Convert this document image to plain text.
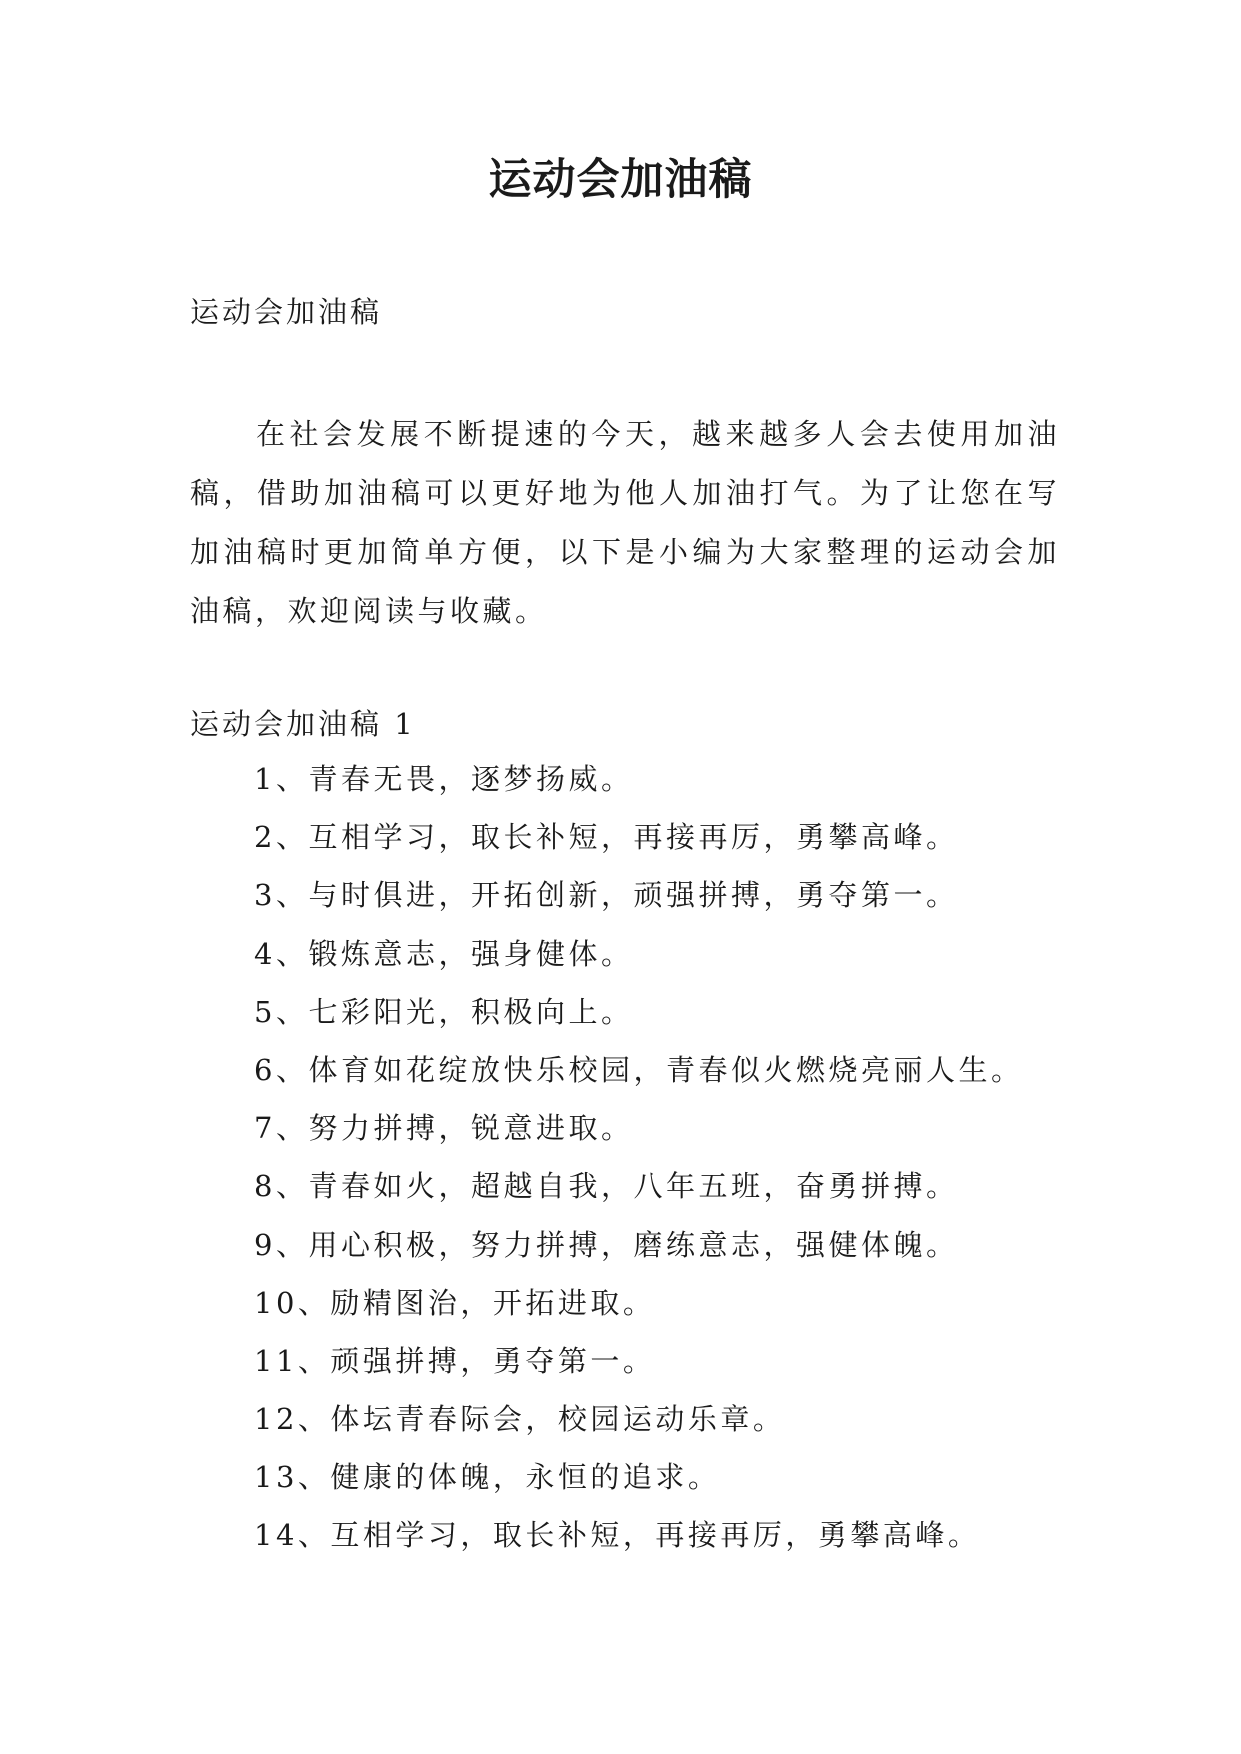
运动会加油稿
运动会加油稿

在社会发展不断提速的今天，越来越多人会去使用加油稿，借助加油稿可以更好地为他人加油打气。为了让您在写加油稿时更加简单方便，以下是小编为大家整理的运动会加油稿，欢迎阅读与收藏。

运动会加油稿 1
1、青春无畏，逐梦扬威。
2、互相学习，取长补短，再接再厉，勇攀高峰。
3、与时俱进，开拓创新，顽强拼搏，勇夺第一。
4、锻炼意志，强身健体。
5、七彩阳光，积极向上。
6、体育如花绽放快乐校园，青春似火燃烧亮丽人生。
7、努力拼搏，锐意进取。
8、青春如火，超越自我，八年五班，奋勇拼搏。
9、用心积极，努力拼搏，磨练意志，强健体魄。
10、励精图治，开拓进取。
11、顽强拼搏，勇夺第一。
12、体坛青春际会，校园运动乐章。
13、健康的体魄，永恒的追求。
14、互相学习，取长补短，再接再厉，勇攀高峰。
